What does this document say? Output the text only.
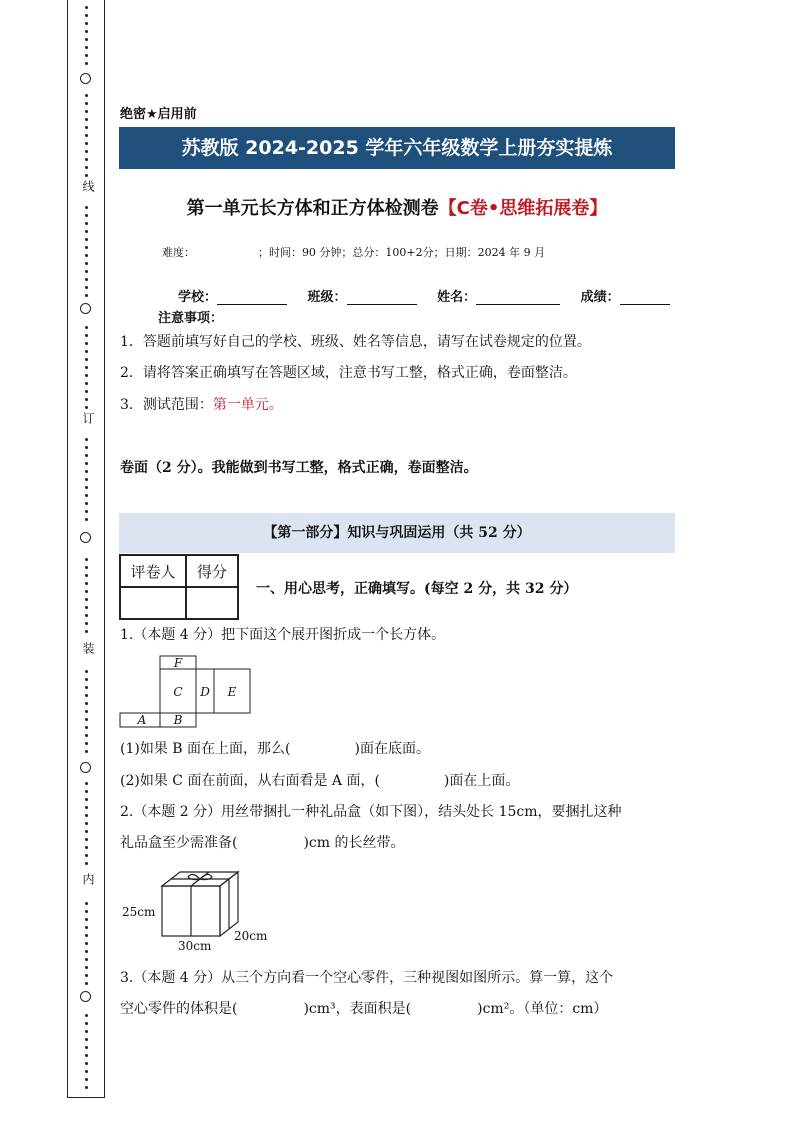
线
订
装
内
绝密★启用前
苏教版 2024-2025 学年六年级数学上册夯实提炼
第一单元长方体和正方体检测卷【C卷•思维拓展卷】
难度：                  ；时间：90 分钟；总分：100+2分；日期：2024 年 9 月
学校：	班级：	姓名：	成绩：
注意事项：
1．答题前填写好自己的学校、班级、姓名等信息，请写在试卷规定的位置。
2．请将答案正确填写在答题区域，注意书写工整，格式正确，卷面整洁。
3．测试范围：第一单元。
卷面（2 分）。我能做到书写工整，格式正确，卷面整洁。
【第一部分】知识与巩固运用（共 52 分）
评卷人	得分

一、用心思考，正确填写。(每空 2 分，共 32 分）
1.（本题 4 分）把下面这个展开图折成一个长方体。
F
C D E
A B
(1)如果 B 面在上面，那么(	)面在底面。
(2)如果 C 面在前面，从右面看是 A 面，(	)面在上面。
2.（本题 2 分）用丝带捆扎一种礼品盒（如下图），结头处长 15cm，要捆扎这种
礼品盒至少需准备(	)cm 的长丝带。
25cm
30cm
20cm
3.（本题 4 分）从三个方向看一个空心零件，三种视图如图所示。算一算，这个
空心零件的体积是(	)cm³，表面积是(	)cm²。（单位：cm）
